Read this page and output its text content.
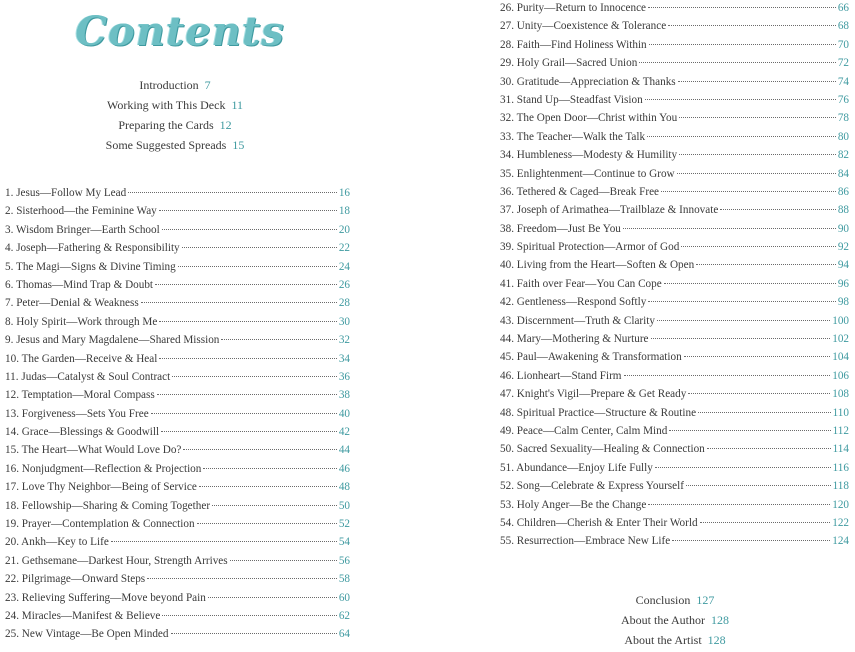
Contents
Introduction 7
Working with This Deck 11
Preparing the Cards 12
Some Suggested Spreads 15
1. Jesus—Follow My Lead	16
2. Sisterhood—the Feminine Way	18
3. Wisdom Bringer—Earth School	20
4. Joseph—Fathering & Responsibility	22
5. The Magi—Signs & Divine Timing	24
6. Thomas—Mind Trap & Doubt	26
7. Peter—Denial & Weakness	28
8. Holy Spirit—Work through Me	30
9. Jesus and Mary Magdalene—Shared Mission	32
10. The Garden—Receive & Heal	34
11. Judas—Catalyst & Soul Contract	36
12. Temptation—Moral Compass	38
13. Forgiveness—Sets You Free	40
14. Grace—Blessings & Goodwill	42
15. The Heart—What Would Love Do?	44
16. Nonjudgment—Reflection & Projection	46
17. Love Thy Neighbor—Being of Service	48
18. Fellowship—Sharing & Coming Together	50
19. Prayer—Contemplation & Connection	52
20. Ankh—Key to Life	54
21. Gethsemane—Darkest Hour, Strength Arrives	56
22. Pilgrimage—Onward Steps	58
23. Relieving Suffering—Move beyond Pain	60
24. Miracles—Manifest & Believe	62
25. New Vintage—Be Open Minded	64
26. Purity—Return to Innocence	66
27. Unity—Coexistence & Tolerance	68
28. Faith—Find Holiness Within	70
29. Holy Grail—Sacred Union	72
30. Gratitude—Appreciation & Thanks	74
31. Stand Up—Steadfast Vision	76
32. The Open Door—Christ within You	78
33. The Teacher—Walk the Talk	80
34. Humbleness—Modesty & Humility	82
35. Enlightenment—Continue to Grow	84
36. Tethered & Caged—Break Free	86
37. Joseph of Arimathea—Trailblaze & Innovate	88
38. Freedom—Just Be You	90
39. Spiritual Protection—Armor of God	92
40. Living from the Heart—Soften & Open	94
41. Faith over Fear—You Can Cope	96
42. Gentleness—Respond Softly	98
43. Discernment—Truth & Clarity	100
44. Mary—Mothering & Nurture	102
45. Paul—Awakening & Transformation	104
46. Lionheart—Stand Firm	106
47. Knight's Vigil—Prepare & Get Ready	108
48. Spiritual Practice—Structure & Routine	110
49. Peace—Calm Center, Calm Mind	112
50. Sacred Sexuality—Healing & Connection	114
51. Abundance—Enjoy Life Fully	116
52. Song—Celebrate & Express Yourself	118
53. Holy Anger—Be the Change	120
54. Children—Cherish & Enter Their World	122
55. Resurrection—Embrace New Life	124
Conclusion 127
About the Author 128
About the Artist 128
